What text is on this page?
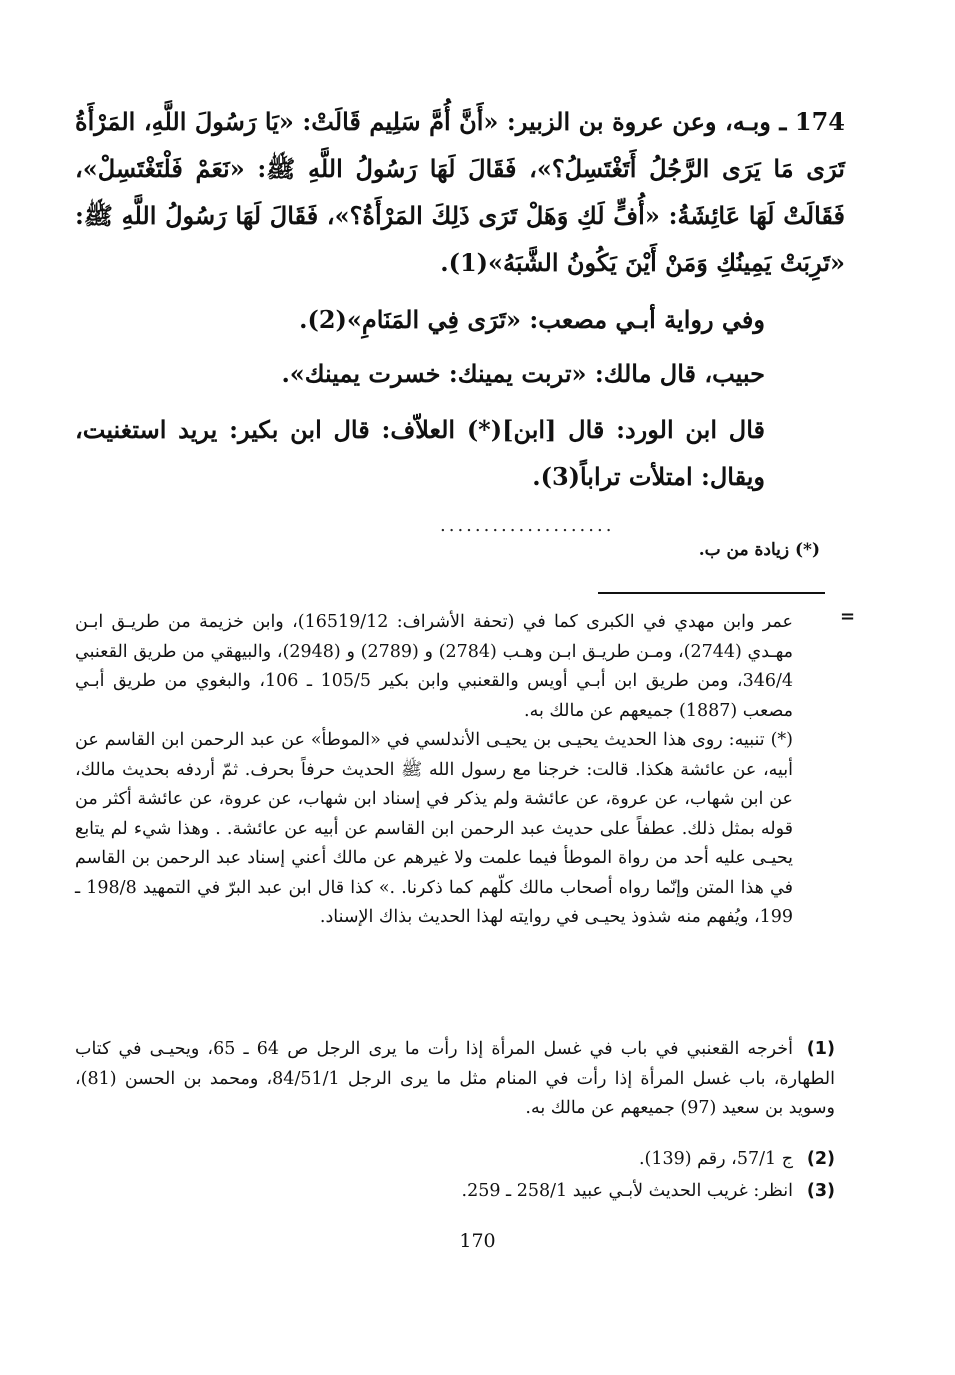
174 ـ وبـه، وعن عروة بن الزبير: «أَنَّ أُمَّ سَلِيم قَالَتْ: «يَا رَسُولَ اللَّهِ، المَرْأَةُ تَرَى مَا يَرَى الرَّجُلُ أَتَغْتَسِلُ؟»، فَقَالَ لَهَا رَسُولُ اللَّهِ ﷺ: «نَعَمْ فَلْتَغْتَسِلْ»، فَقَالَتْ لَهَا عَائِشَةُ: «أُفٍّ لَكِ وَهَلْ تَرَى ذَلِكَ المَرْأَةُ؟»، فَقَالَ لَهَا رَسُولُ اللَّهِ ﷺ: «تَرِبَتْ يَمِينُكِ وَمَنْ أَيْنَ يَكُونُ الشَّبَهُ»(1).
وفي رواية أبـي مصعب: «تَرَى فِي المَنَامِ»(2).
حبيب، قال مالك: «تربت يمينك: خسرت يمينك».
قال ابن الورد: قال [ابن](*) العلاّف: قال ابن بكير: يريد استغنيت، ويقال: امتلأت تراباً(3).
....................
(*) زيادة من ب.
=

عمر وابن مهدي في الكبرى كما في (تحفة الأشراف: 16519/12)، وابن خزيمة من طريـق ابـن مهـدي (2744)، ومـن طريـق ابـن وهـب (2784) و (2789) و (2948)، والبيهقي من طريق القعنبي 346/4، ومن طريق ابن أبـي أويس والقعنبي وابن بكير 105/5 ـ 106، والبغوي من طريق أبـي مصعب (1887) جميعهم عن مالك به.

(*) تنبيه: روى هذا الحديث يحيـى بن يحيـى الأندلسي في «الموطأ» عن عبد الرحمن ابن القاسم عن أبيه، عن عائشة هكذا. قالت: خرجنا مع رسول الله ﷺ الحديث حرفاً بحرف. ثمّ أردفه بحديث مالك، عن ابن شهاب، عن عروة، عن عائشة ولم يذكر في إسناد ابن شهاب، عن عروة، عن عائشة أكثر من قوله بمثل ذلك. عطفاً على حديث عبد الرحمن ابن القاسم عن أبيه عن عائشة. . وهذا شيء لم يتابع يحيـى عليه أحد من رواة الموطأ فيما علمت ولا غيرهم عن مالك أعني إسناد عبد الرحمن بن القاسم في هذا المتن وإنّما رواه أصحاب مالك كلّهم كما ذكرنا. .» كذا قال ابن عبد البرّ في التمهيد 198/8 ـ 199، ويُفهم منه شذوذ يحيـى في روايته لهذا الحديث بذاك الإسناد.

(1)أخرجه القعنبي في باب في غسل المرأة إذا رأت ما يرى الرجل ص 64 ـ 65، ويحيـى في كتاب الطهارة، باب غسل المرأة إذا رأت في المنام مثل ما يرى الرجل 84/51/1، ومحمد بن الحسن (81)، وسويد بن سعيد (97) جميعهم عن مالك به.
(2)ج 57/1، رقم (139).
(3)انظر: غريب الحديث لأبـي عبيد 258/1 ـ 259.
170
